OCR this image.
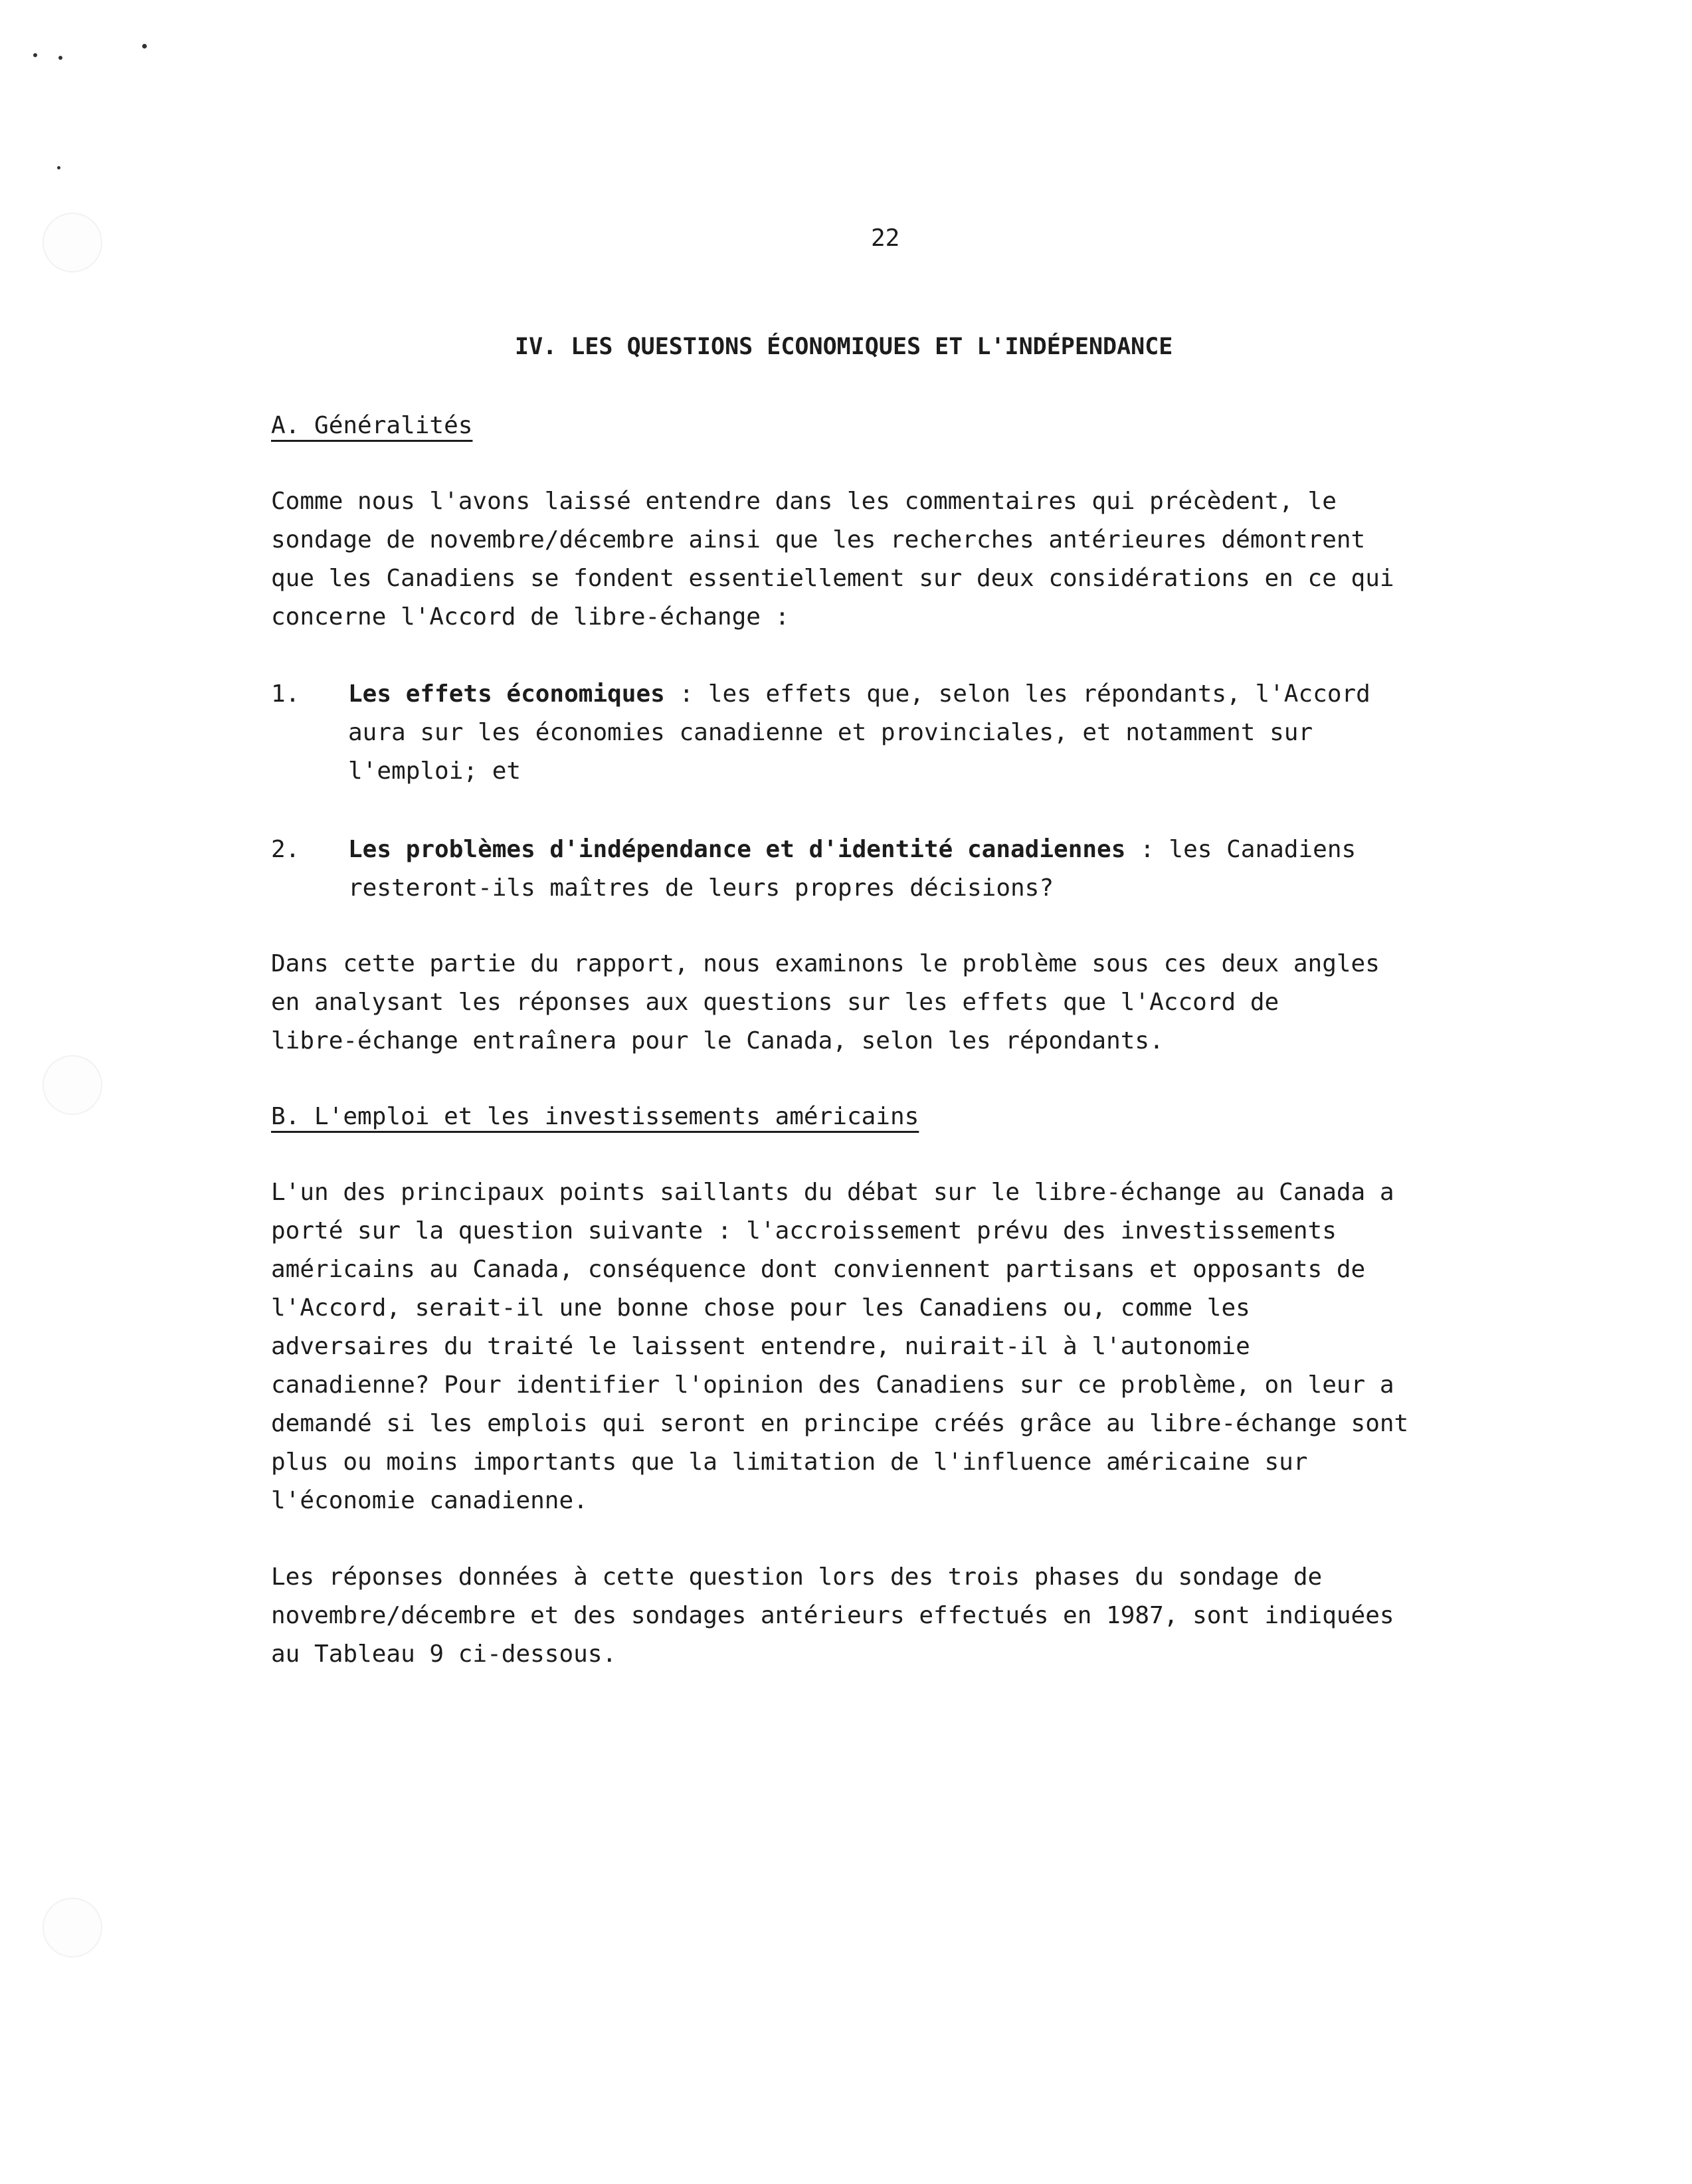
22
IV. LES QUESTIONS ÉCONOMIQUES ET L'INDÉPENDANCE
A. Généralités
Comme nous l'avons laissé entendre dans les commentaires qui précèdent, le
sondage de novembre/décembre ainsi que les recherches antérieures démontrent
que les Canadiens se fondent essentiellement sur deux considérations en ce qui
concerne l'Accord de libre-échange :
1. Les effets économiques : les effets que, selon les répondants, l'Accord
aura sur les économies canadienne et provinciales, et notamment sur
l'emploi; et
2. Les problèmes d'indépendance et d'identité canadiennes : les Canadiens
resteront-ils maîtres de leurs propres décisions?
Dans cette partie du rapport, nous examinons le problème sous ces deux angles
en analysant les réponses aux questions sur les effets que l'Accord de
libre-échange entraînera pour le Canada, selon les répondants.
B. L'emploi et les investissements américains
L'un des principaux points saillants du débat sur le libre-échange au Canada a
porté sur la question suivante : l'accroissement prévu des investissements
américains au Canada, conséquence dont conviennent partisans et opposants de
l'Accord, serait-il une bonne chose pour les Canadiens ou, comme les
adversaires du traité le laissent entendre, nuirait-il à l'autonomie
canadienne? Pour identifier l'opinion des Canadiens sur ce problème, on leur a
demandé si les emplois qui seront en principe créés grâce au libre-échange sont
plus ou moins importants que la limitation de l'influence américaine sur
l'économie canadienne.
Les réponses données à cette question lors des trois phases du sondage de
novembre/décembre et des sondages antérieurs effectués en 1987, sont indiquées
au Tableau 9 ci-dessous.
